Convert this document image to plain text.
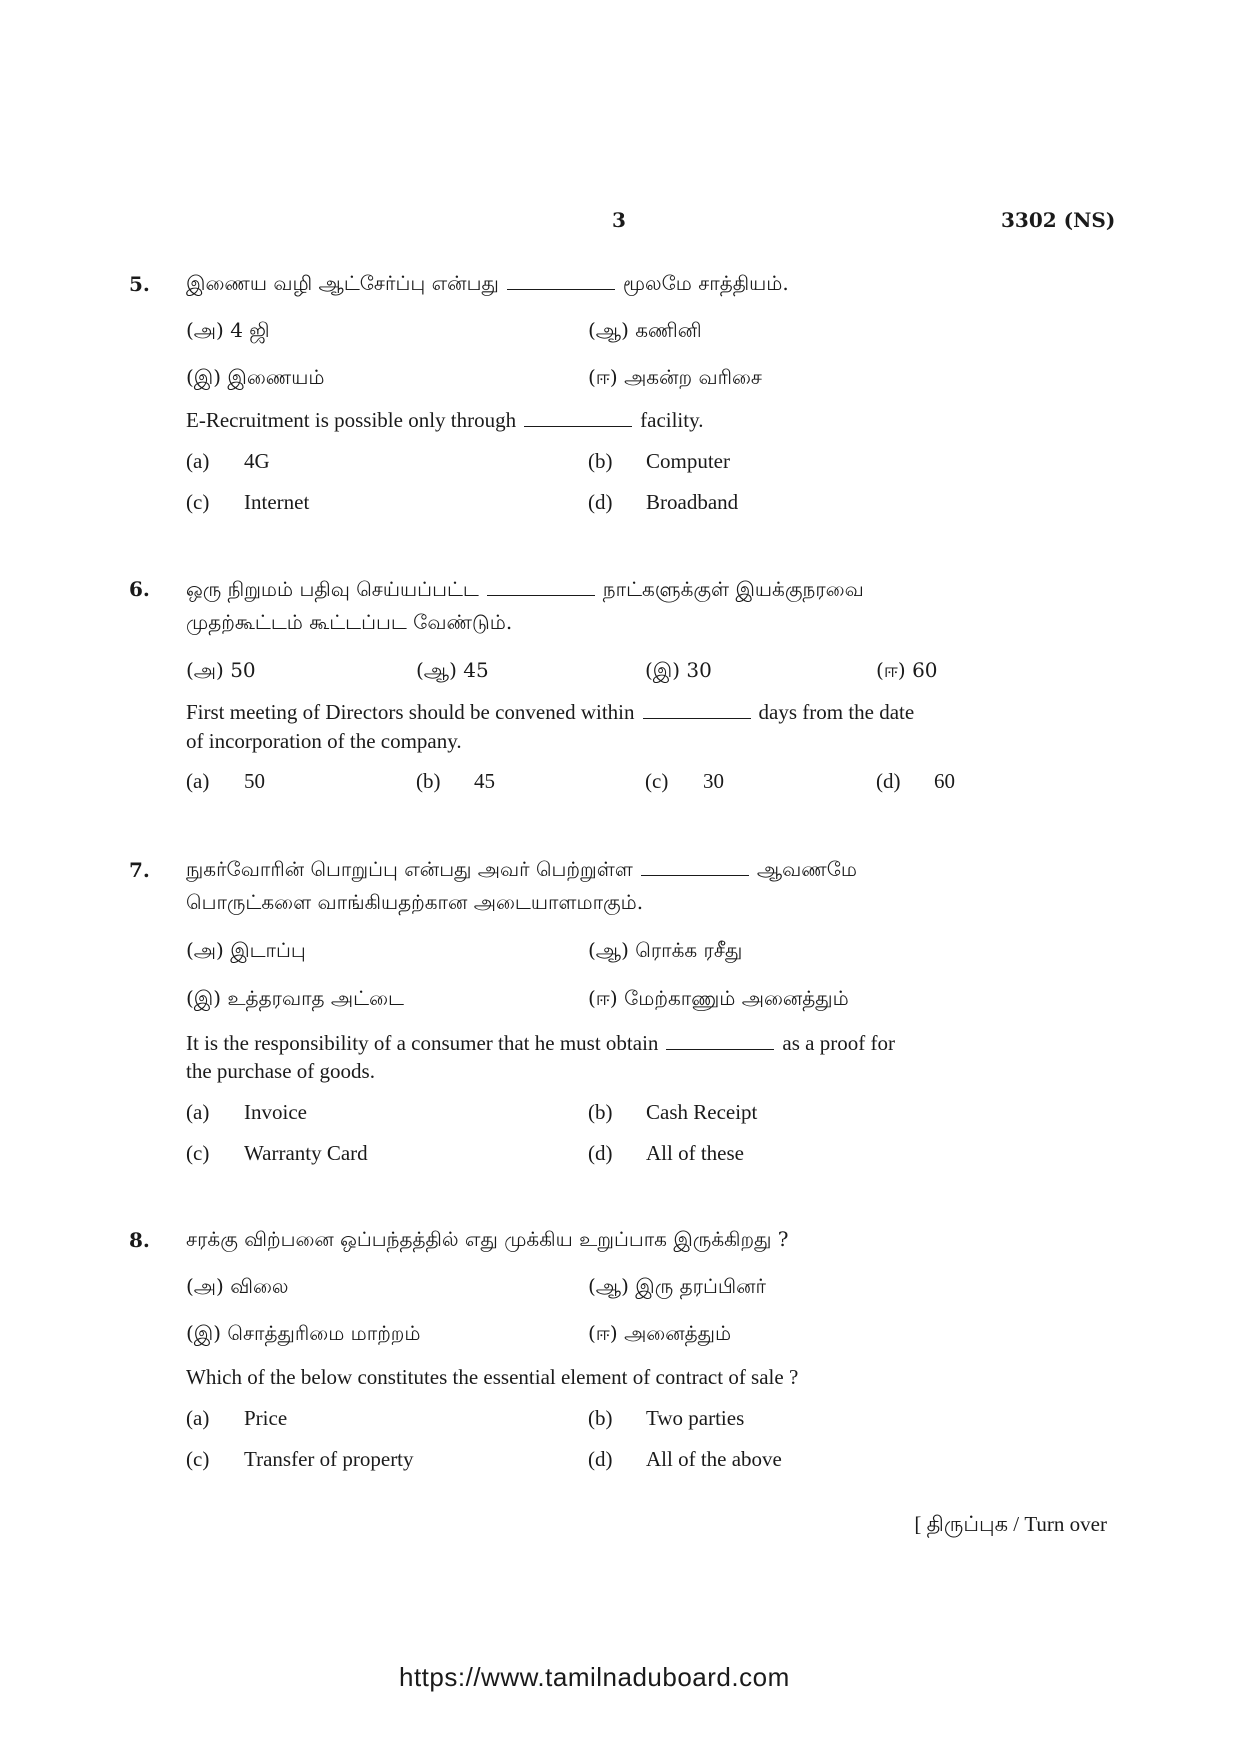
3	3302 (NS)
5. இணைய வழி ஆட்சேர்ப்பு என்பது	மூலமே சாத்தியம்.
(அ) 4 ஜி	(ஆ) கணினி
(இ) இணையம்	(ஈ) அகன்ற வரிசை
E-Recruitment is possible only through	facility.
(a) 4G	(b) Computer
(c) Internet	(d) Broadband
6. ஒரு நிறுமம் பதிவு செய்யப்பட்ட	நாட்களுக்குள் இயக்குநரவை
முதற்கூட்டம் கூட்டப்பட வேண்டும்.
(அ) 50	(ஆ) 45	(இ) 30	(ஈ) 60
First meeting of Directors should be convened within	days from the date
of incorporation of the company.
(a) 50	(b) 45	(c) 30	(d) 60
7. நுகர்வோரின் பொறுப்பு என்பது அவர் பெற்றுள்ள	ஆவணமே
பொருட்களை வாங்கியதற்கான அடையாளமாகும்.
(அ) இடாப்பு	(ஆ) ரொக்க ரசீது
(இ) உத்தரவாத அட்டை	(ஈ) மேற்காணும் அனைத்தும்
It is the responsibility of a consumer that he must obtain	as a proof for
the purchase of goods.
(a) Invoice	(b) Cash Receipt
(c) Warranty Card	(d) All of these
8. சரக்கு விற்பனை ஒப்பந்தத்தில் எது முக்கிய உறுப்பாக இருக்கிறது ?
(அ) விலை	(ஆ) இரு தரப்பினர்
(இ) சொத்துரிமை மாற்றம்	(ஈ) அனைத்தும்
Which of the below constitutes the essential element of contract of sale ?
(a) Price	(b) Two parties
(c) Transfer of property	(d) All of the above
[ திருப்புக / Turn over
https://www.tamilnaduboard.com
